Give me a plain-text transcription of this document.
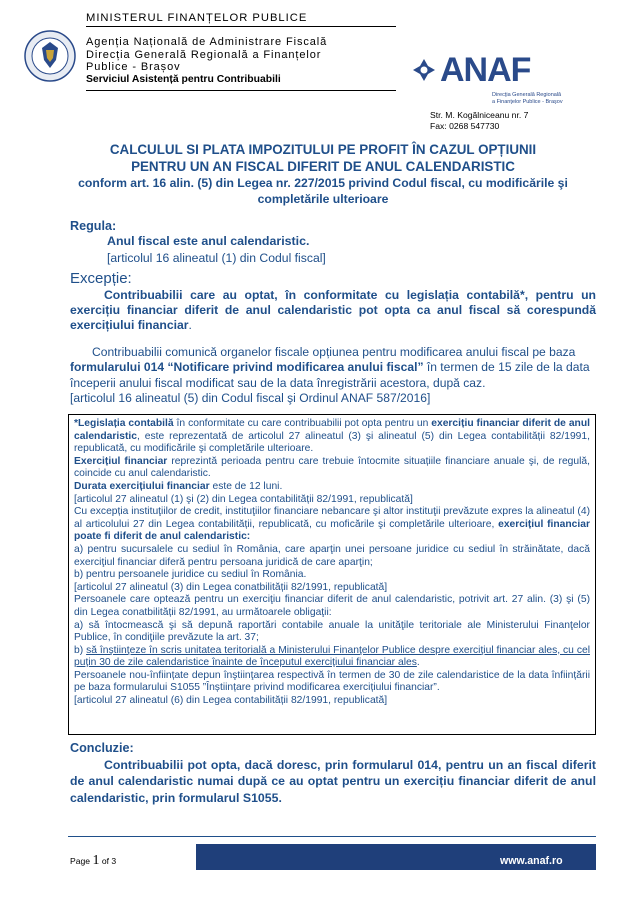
MINISTERUL FINANȚELOR PUBLICE
Agenția Națională de Administrare Fiscală
Direcția Generală Regională a Finanțelor
Publice - Brașov
Serviciul Asistență pentru Contribuabili	ANAF
Direcţia Generală Regională
a Finanţelor Publice - Braşov
Str. M. Kogălniceanu nr. 7
Fax: 0268 547730
CALCULUL SI PLATA IMPOZITULUI PE PROFIT ÎN CAZUL OPȚIUNII
PENTRU UN AN FISCAL DIFERIT DE ANUL CALENDARISTIC
conform art. 16 alin. (5) din Legea nr. 227/2015 privind Codul fiscal, cu modificările şi
completările ulterioare
Regula:
Anul fiscal este anul calendaristic.
[articolul 16 alineatul (1) din Codul fiscal]
Excepție:
Contribuabilii care au optat, în conformitate cu legislația contabilă*, pentru un exercițiu financiar diferit de anul calendaristic pot opta ca anul fiscal să corespundă exercițiului financiar.
Contribuabilii comunică organelor fiscale opțiunea pentru modificarea anului fiscal pe baza formularului 014 “Notificare privind modificarea anului fiscal” în termen de 15 zile de la data începerii anului fiscal modificat sau de la data înregistrării acestora, după caz.
[articolul 16 alineatul (5) din Codul fiscal şi Ordinul ANAF 587/2016]

*Legislația contabilă în conformitate cu care contribuabilii pot opta pentru un exercițiu financiar diferit de anul calendaristic, este reprezentată de articolul 27 alineatul (3) şi alineatul (5) din Legea contabilității 82/1991, republicată, cu modificările şi completările ulterioare.

Exercițiul financiar reprezintă perioada pentru care trebuie întocmite situațiile financiare anuale şi, de regulă, coincide cu anul calendaristic.

Durata exercițiului financiar este de 12 luni.

[articolul 27 alineatul (1) şi (2) din Legea contabilității 82/1991, republicată]

Cu excepția instituţiilor de credit, instituţiilor financiare nebancare şi altor instituţii prevăzute expres la alineatul (4) al articolului 27 din Legea contabilității, republicată, cu moficările şi completările ulterioare, exercițiul financiar poate fi diferit de anul calendaristic:

a) pentru sucursalele cu sediul în România, care aparţin unei persoane juridice cu sediul în străinătate, dacă exerciţiul financiar diferă pentru persoana juridică de care aparţin;

b) pentru persoanele juridice cu sediul în România.

[articolul 27 alineatul (3) din Legea conatbilității 82/1991, republicată]

Persoanele care optează pentru un exerciţiu financiar diferit de anul calendaristic, potrivit art. 27 alin. (3) şi (5) din Legea conatbilității 82/1991, au următoarele obligaţii:

a) să întocmească şi să depună raportări contabile anuale la unităţile teritoriale ale Ministerului Finanţelor Publice, în condiţiile prevăzute la art. 37;

b) să înştiinţeze în scris unitatea teritorială a Ministerului Finanţelor Publice despre exerciţiul financiar ales, cu cel puţin 30 de zile calendaristice înainte de începutul exerciţiului financiar ales.

Persoanele nou-înființate depun înştiinţarea respectivă în termen de 30 de zile calendaristice de la data înființării pe baza formularului S1055 ”Înștiințare privind modificarea exercițiului financiar”.

[articolul 27 alineatul (6) din Legea contabilității 82/1991, republicată]

Concluzie:
Contribuabilii pot opta, dacă doresc, prin formularul 014, pentru un an fiscal diferit de anul calendaristic numai după ce au optat pentru un exercițiu financiar diferit de anul calendaristic, prin formularul S1055.
Page 1 of 3	www.anaf.ro
